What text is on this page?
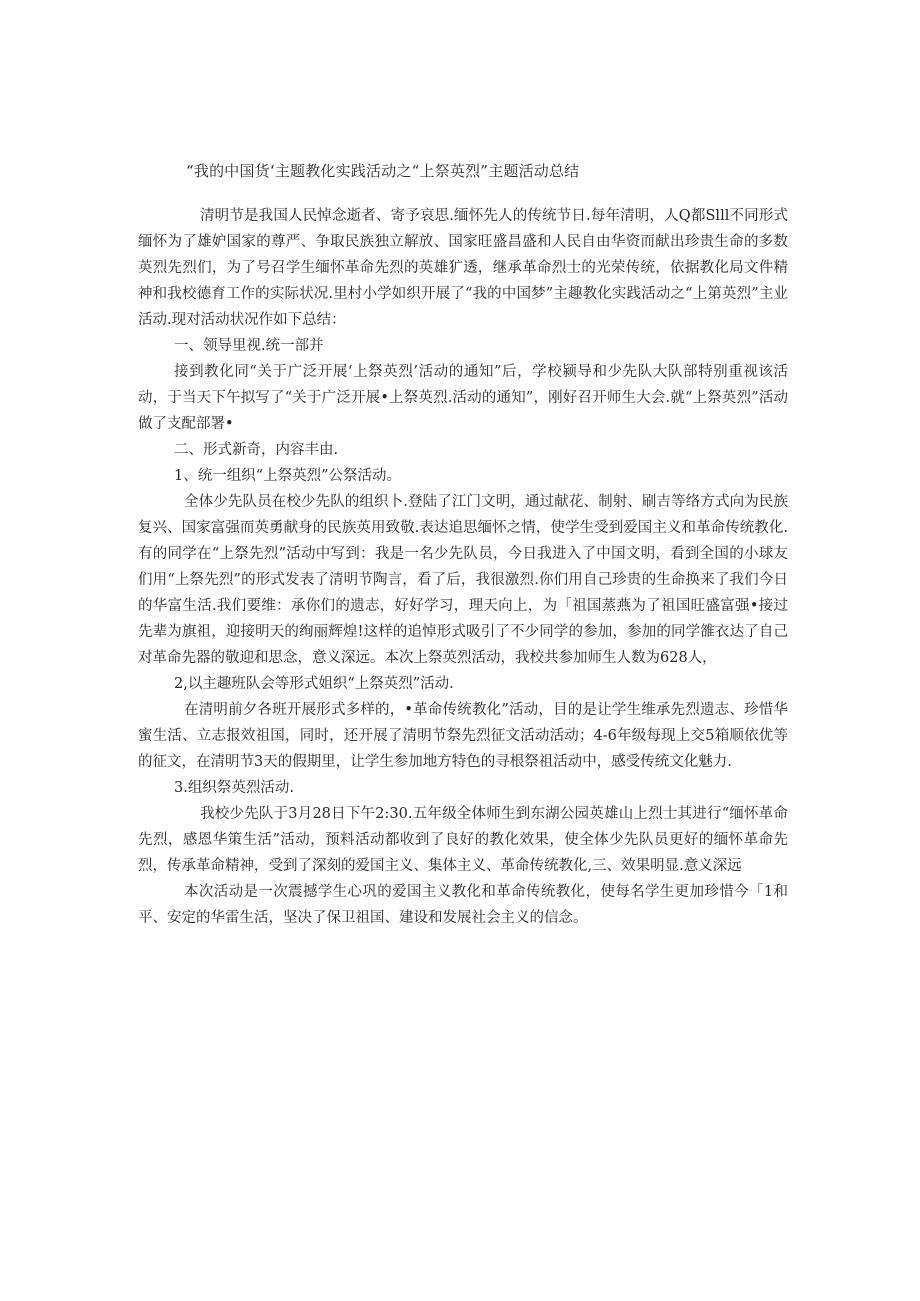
“我的中国货‘主题教化实践活动之“上祭英烈”主题活动总结

清明节是我国人民悼念逝者、寄予哀思.缅怀先人的传统节日.每年清明，人Q都Slll不同形式缅怀为了雄妒国家的尊严、争取民族独立解放、国家旺盛昌盛和人民自由华资而献出珍贵生命的多数英烈先烈们，为了号召学生缅怀革命先烈的英雄犷透，继承革命烈士的光荣传统，依据教化局文件精神和我校德育工作的实际状况.里村小学如织开展了“我的中国梦”主趣教化实践活动之“上第英烈”主业活动.现对活动状况作如下总结：

一、领导里视.统一部并

接到教化同“关于广泛开展‘上祭英烈’活动的通知”后，学校颍导和少先队大队部特别重视该活动，于当天下午拟写了“关于广泛开展•上祭英烈.活动的通知”，刚好召开师生大会.就“上祭英烈”活动做了支配部署•

二、形式新奇，内容丰由.

1、统一组织“上祭英烈”公祭活动。

全体少先队员在校少先队的组织卜.登陆了江门文明，通过献花、制射、刷吉等络方式向为民族复兴、国家富强而英勇献身的民族英用致敬.表达追思缅怀之情，使学生受到爱国主义和革命传统教化.有的同学在“上祭先烈”活动中写到：我是一名少先队员，今日我进入了中国文明，看到全国的小球友们用“上祭先烈”的形式发表了清明节陶言，看了后，我很激烈.你们用自己珍贵的生命换来了我们今日的华富生活.我们要维：承你们的遗志，好好学习，理天向上，为「祖国蒸燕为了祖国旺盛富强•接过先辈为旗祖，迎接明天的绚丽辉煌!这样的追悼形式吸引了不少同学的参加，参加的同学雒衣达了自己对革命先器的敬迎和思念，意义深远。本次上祭英烈活动，我校共参加师生人数为628人，

2,以主趣班队会等形式姐织“上祭英烈”活动.

在清明前夕各班开展形式多样的，•革命传统教化”活动，目的是让学生维承先烈遗志、珍惜华蜜生活、立志报效祖国，同时，还开展了清明节祭先烈征文活动活动；4-6年级每现上交5箱顺依优等的征文，在清明节3天的假期里，让学生参加地方特色的寻根祭祖活动中，感受传统文化魅力.

3.组织祭英烈活动.

我校少先队于3月28日下午2:30.五年级全体师生到东湖公园英雄山上烈士其进行“缅怀革命先烈，感恩华策生活”活动，预料活动都收到了良好的教化效果，使全体少先队员更好的缅怀革命先烈，传承革命精神，受到了深刻的爱国主义、集体主义、革命传统教化,三、效果明显.意义深远

本次活动是一次震撼学生心巩的爱国主义教化和革命传统教化，使每名学生更加珍惜今「1和平、安定的华雷生活，坚决了保卫祖国、建设和发展社会主义的信念。
